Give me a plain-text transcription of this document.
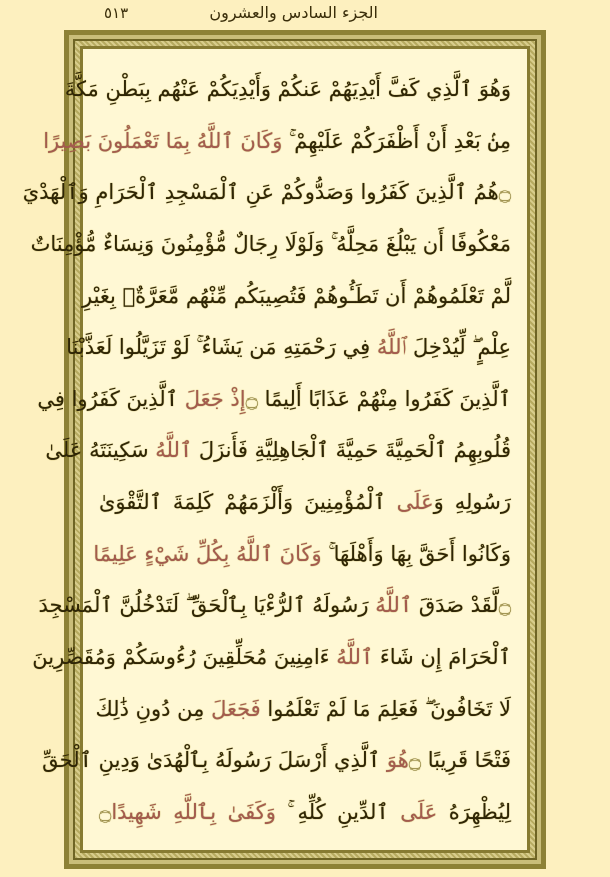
٥١٣	الجزء السادس والعشرون
وَهُوَ ٱلَّذِي كَفَّ أَيْدِيَهُمْ عَنكُمْ وَأَيْدِيَكُمْ عَنْهُم بِبَطْنِ مَكَّةَ
مِنۢ بَعْدِ أَنْ أَظْفَرَكُمْ عَلَيْهِمْ ۚ وَكَانَ ٱللَّهُ بِمَا تَعْمَلُونَ بَصِيرًا
۝هُمُ ٱلَّذِينَ كَفَرُوا وَصَدُّوكُمْ عَنِ ٱلْمَسْجِدِ ٱلْحَرَامِ وَٱلْهَدْيَ
مَعْكُوفًا أَن يَبْلُغَ مَحِلَّهُ ۚ وَلَوْلَا رِجَالٌ مُّؤْمِنُونَ وَنِسَاءٌ مُّؤْمِنَاتٌ
لَّمْ تَعْلَمُوهُمْ أَن تَطَـُٔوهُمْ فَتُصِيبَكُم مِّنْهُم مَّعَرَّةٌۢ بِغَيْرِ
عِلْمٍ ۖ لِّيُدْخِلَ ٱللَّهُ فِي رَحْمَتِهِ مَن يَشَاءُ ۚ لَوْ تَزَيَّلُوا لَعَذَّبْنَا
ٱلَّذِينَ كَفَرُوا مِنْهُمْ عَذَابًا أَلِيمًا ۝إِذْ جَعَلَ ٱلَّذِينَ كَفَرُوا فِي
قُلُوبِهِمُ ٱلْحَمِيَّةَ حَمِيَّةَ ٱلْجَاهِلِيَّةِ فَأَنزَلَ ٱللَّهُ سَكِينَتَهُ عَلَىٰ
رَسُولِهِ وَعَلَى ٱلْمُؤْمِنِينَ وَأَلْزَمَهُمْ كَلِمَةَ ٱلتَّقْوَىٰ
وَكَانُوا أَحَقَّ بِهَا وَأَهْلَهَا ۚ وَكَانَ ٱللَّهُ بِكُلِّ شَيْءٍ عَلِيمًا
۝لَّقَدْ صَدَقَ ٱللَّهُ رَسُولَهُ ٱلرُّءْيَا بِٱلْحَقِّ ۖ لَتَدْخُلُنَّ ٱلْمَسْجِدَ
ٱلْحَرَامَ إِن شَاءَ ٱللَّهُ ءَامِنِينَ مُحَلِّقِينَ رُءُوسَكُمْ وَمُقَصِّرِينَ
لَا تَخَافُونَ ۖ فَعَلِمَ مَا لَمْ تَعْلَمُوا فَجَعَلَ مِن دُونِ ذَٰلِكَ
فَتْحًا قَرِيبًا ۝هُوَ ٱلَّذِي أَرْسَلَ رَسُولَهُ بِٱلْهُدَىٰ وَدِينِ ٱلْحَقِّ
لِيُظْهِرَهُ عَلَى ٱلدِّينِ كُلِّهِ ۚ وَكَفَىٰ بِٱللَّهِ شَهِيدًا۝
